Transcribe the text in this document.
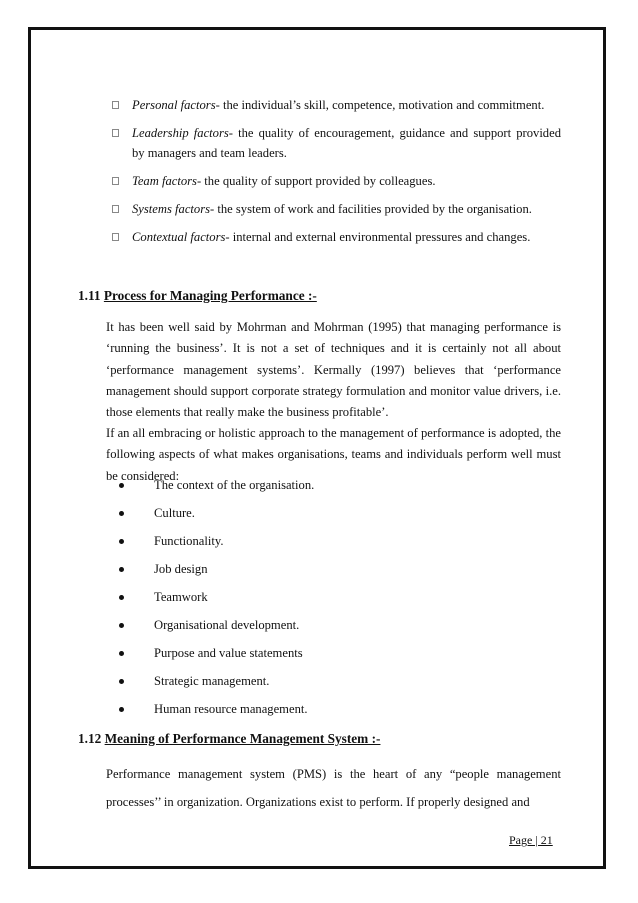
Personal factors- the individual’s skill, competence, motivation and commitment.
Leadership factors- the quality of encouragement, guidance and support provided
by managers and team leaders.
Team factors- the quality of support provided by colleagues.
Systems factors- the system of work and facilities provided by the organisation.
Contextual factors- internal and external environmental pressures and changes.
1.11 Process for Managing Performance :-
It has been well said by Mohrman and Mohrman (1995) that managing performance is ‘running the business’. It is not a set of techniques and it is certainly not all about ‘performance management systems’. Kermally (1997) believes that ‘performance management should support corporate strategy formulation and monitor value drivers, i.e. those elements that really make the business profitable’.
If an all embracing or holistic approach to the management of performance is adopted, the following aspects of what makes organisations, teams and individuals perform well must be considered:
The context of the organisation.
Culture.
Functionality.
Job design
Teamwork
Organisational development.
Purpose and value statements
Strategic management.
Human resource management.
1.12 Meaning of Performance Management System :-
Performance management system (PMS) is the heart of any “people management processes’’ in organization. Organizations exist to perform. If properly designed and
Page | 21
